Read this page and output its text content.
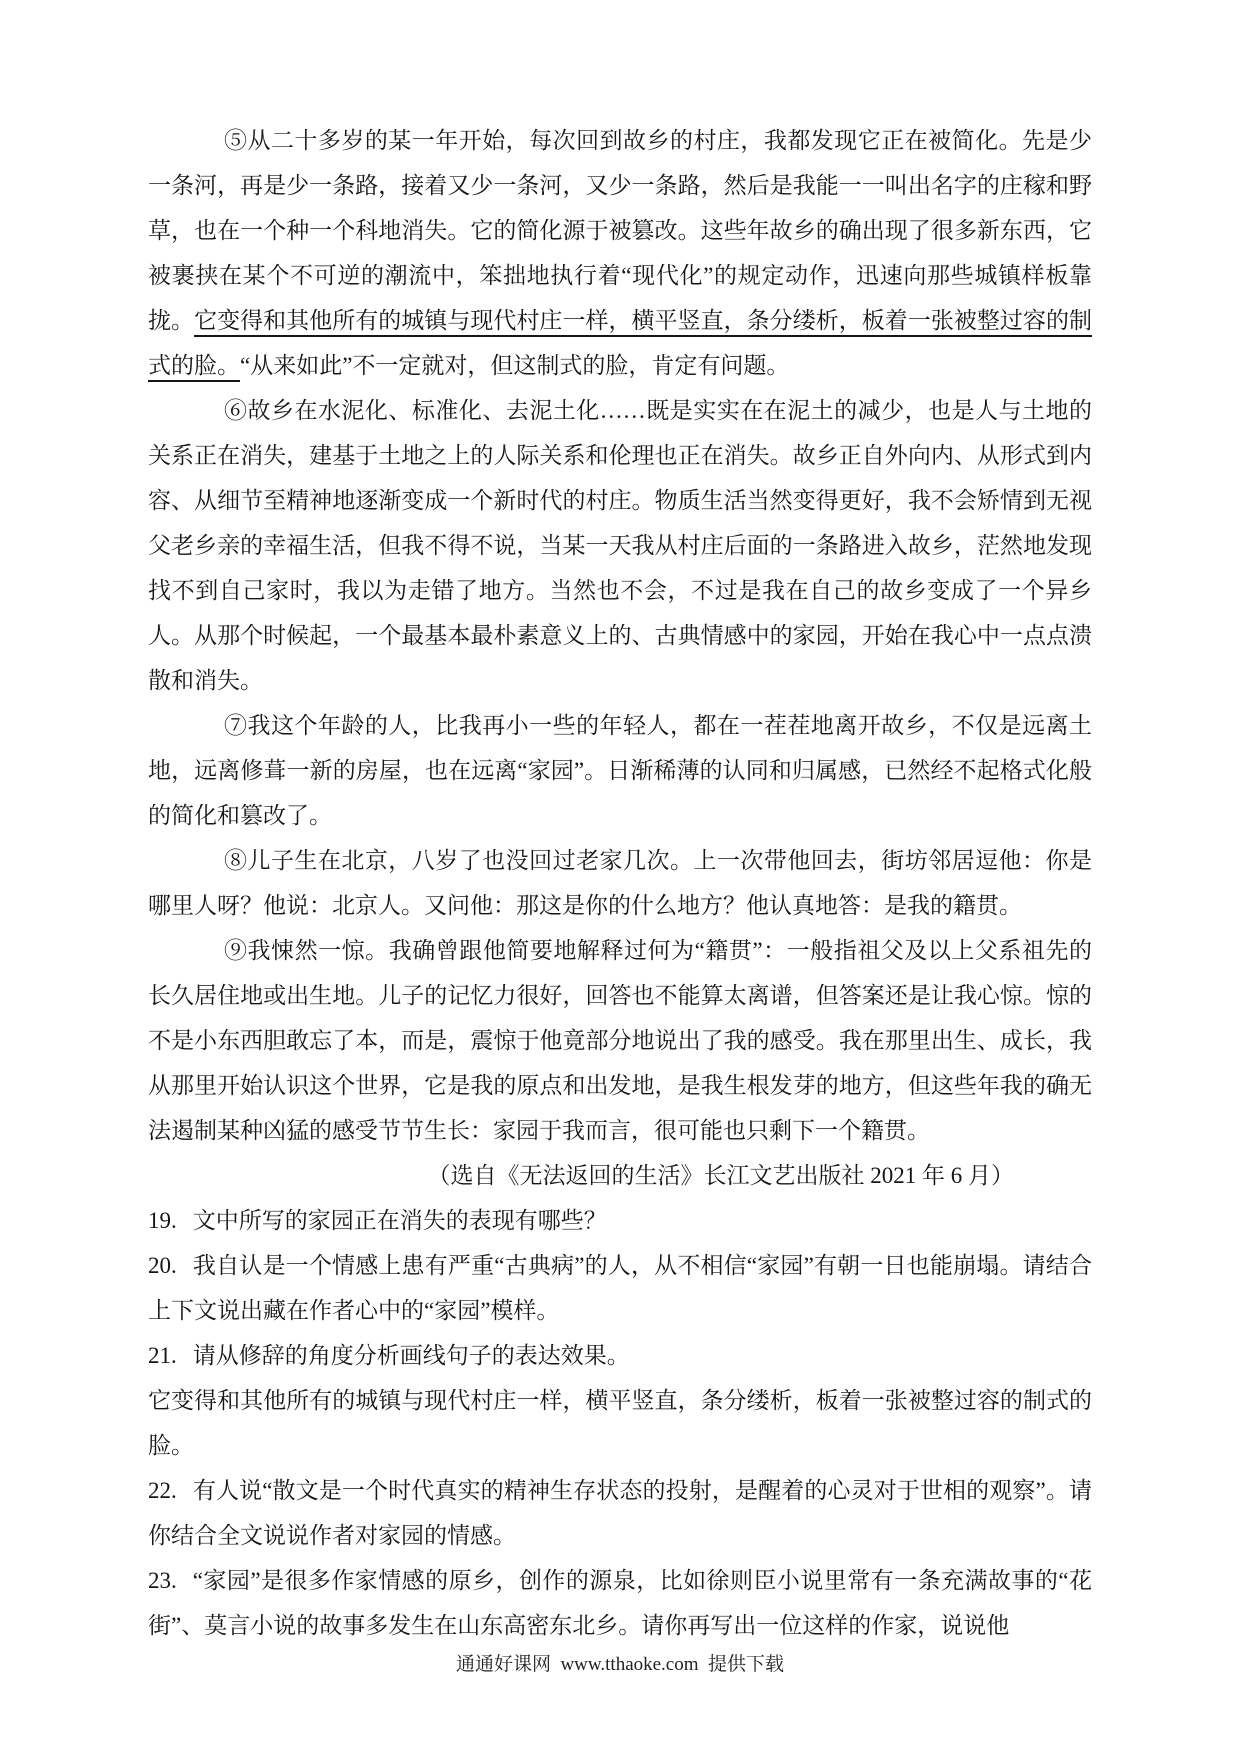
⑤从二十多岁的某一年开始，每次回到故乡的村庄，我都发现它正在被简化。先是少一条河，再是少一条路，接着又少一条河，又少一条路，然后是我能一一叫出名字的庄稼和野草，也在一个种一个科地消失。它的简化源于被篡改。这些年故乡的确出现了很多新东西，它被裹挟在某个不可逆的潮流中，笨拙地执行着“现代化”的规定动作，迅速向那些城镇样板靠拢。它变得和其他所有的城镇与现代村庄一样，横平竖直，条分缕析，板着一张被整过容的制式的脸。“从来如此”不一定就对，但这制式的脸，肯定有问题。

⑥故乡在水泥化、标准化、去泥土化……既是实实在在泥土的减少，也是人与土地的关系正在消失，建基于土地之上的人际关系和伦理也正在消失。故乡正自外向内、从形式到内容、从细节至精神地逐渐变成一个新时代的村庄。物质生活当然变得更好，我不会矫情到无视父老乡亲的幸福生活，但我不得不说，当某一天我从村庄后面的一条路进入故乡，茫然地发现找不到自己家时，我以为走错了地方。当然也不会，不过是我在自己的故乡变成了一个异乡人。从那个时候起，一个最基本最朴素意义上的、古典情感中的家园，开始在我心中一点点溃散和消失。

⑦我这个年龄的人，比我再小一些的年轻人，都在一茬茬地离开故乡，不仅是远离土地，远离修葺一新的房屋，也在远离“家园”。日渐稀薄的认同和归属感，已然经不起格式化般的简化和篡改了。

⑧儿子生在北京，八岁了也没回过老家几次。上一次带他回去，街坊邻居逗他：你是哪里人呀？他说：北京人。又问他：那这是你的什么地方？他认真地答：是我的籍贯。

⑨我悚然一惊。我确曾跟他简要地解释过何为“籍贯”：一般指祖父及以上父系祖先的长久居住地或出生地。儿子的记忆力很好，回答也不能算太离谱，但答案还是让我心惊。惊的不是小东西胆敢忘了本，而是，震惊于他竟部分地说出了我的感受。我在那里出生、成长，我从那里开始认识这个世界，它是我的原点和出发地，是我生根发芽的地方，但这些年我的确无法遏制某种凶猛的感受节节生长：家园于我而言，很可能也只剩下一个籍贯。

（选自《无法返回的生活》长江文艺出版社 2021 年 6 月）

19. 文中所写的家园正在消失的表现有哪些？

20. 我自认是一个情感上患有严重“古典病”的人，从不相信“家园”有朝一日也能崩塌。请结合上下文说出藏在作者心中的“家园”模样。

21. 请从修辞的角度分析画线句子的表达效果。

它变得和其他所有的城镇与现代村庄一样，横平竖直，条分缕析，板着一张被整过容的制式的脸。

22. 有人说“散文是一个时代真实的精神生存状态的投射，是醒着的心灵对于世相的观察”。请你结合全文说说作者对家园的情感。

23. “家园”是很多作家情感的原乡，创作的源泉，比如徐则臣小说里常有一条充满故事的“花街”、莫言小说的故事多发生在山东高密东北乡。请你再写出一位这样的作家，说说他

通通好课网  www.tthaoke.com  提供下载
